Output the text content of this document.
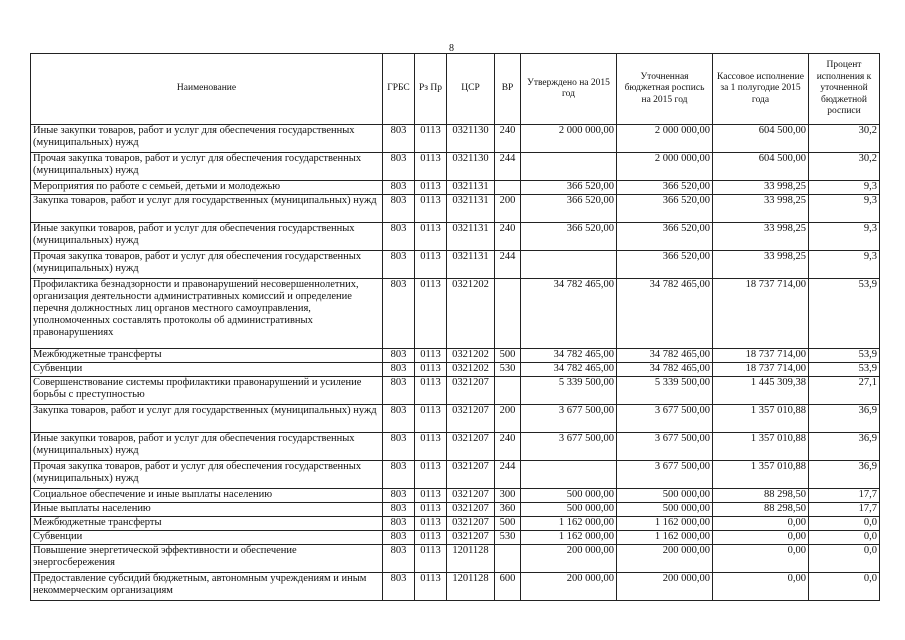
8
Наименование	ГРБС	Рз Пр	ЦСР	ВР	Утверждено на 2015 год	Уточненная бюджетная роспись на 2015 год	Кассовое исполнение за 1 полугодие 2015 года	Процент исполнения к уточненной бюджетной росписи
Иные закупки товаров, работ и услуг для обеспечения государственных (муниципальных) нужд	803	0113	0321130	240	2 000 000,00	2 000 000,00	604 500,00	30,2
Прочая закупка товаров, работ и услуг для обеспечения государственных (муниципальных) нужд	803	0113	0321130	244		2 000 000,00	604 500,00	30,2
Мероприятия по работе с семьей, детьми и молодежью	803	0113	0321131		366 520,00	366 520,00	33 998,25	9,3
Закупка товаров, работ и услуг для государственных (муниципальных) нужд	803	0113	0321131	200	366 520,00	366 520,00	33 998,25	9,3
Иные закупки товаров, работ и услуг для обеспечения государственных (муниципальных) нужд	803	0113	0321131	240	366 520,00	366 520,00	33 998,25	9,3
Прочая закупка товаров, работ и услуг для обеспечения государственных (муниципальных) нужд	803	0113	0321131	244		366 520,00	33 998,25	9,3
Профилактика безнадзорности и правонарушений несовершеннолетних, организация деятельности административных комиссий и определение перечня должностных лиц органов местного самоуправления, уполномоченных составлять протоколы об административных правонарушениях	803	0113	0321202		34 782 465,00	34 782 465,00	18 737 714,00	53,9
Межбюджетные трансферты	803	0113	0321202	500	34 782 465,00	34 782 465,00	18 737 714,00	53,9
Субвенции	803	0113	0321202	530	34 782 465,00	34 782 465,00	18 737 714,00	53,9
Совершенствование системы профилактики правонарушений и усиление борьбы с преступностью	803	0113	0321207		5 339 500,00	5 339 500,00	1 445 309,38	27,1
Закупка товаров, работ и услуг для государственных (муниципальных) нужд	803	0113	0321207	200	3 677 500,00	3 677 500,00	1 357 010,88	36,9
Иные закупки товаров, работ и услуг для обеспечения государственных (муниципальных) нужд	803	0113	0321207	240	3 677 500,00	3 677 500,00	1 357 010,88	36,9
Прочая закупка товаров, работ и услуг для обеспечения государственных (муниципальных) нужд	803	0113	0321207	244		3 677 500,00	1 357 010,88	36,9
Социальное обеспечение и иные выплаты населению	803	0113	0321207	300	500 000,00	500 000,00	88 298,50	17,7
Иные выплаты населению	803	0113	0321207	360	500 000,00	500 000,00	88 298,50	17,7
Межбюджетные трансферты	803	0113	0321207	500	1 162 000,00	1 162 000,00	0,00	0,0
Субвенции	803	0113	0321207	530	1 162 000,00	1 162 000,00	0,00	0,0
Повышение энергетической эффективности и обеспечение энергосбережения	803	0113	1201128		200 000,00	200 000,00	0,00	0,0
Предоставление субсидий бюджетным, автономным учреждениям и иным некоммерческим организациям	803	0113	1201128	600	200 000,00	200 000,00	0,00	0,0
